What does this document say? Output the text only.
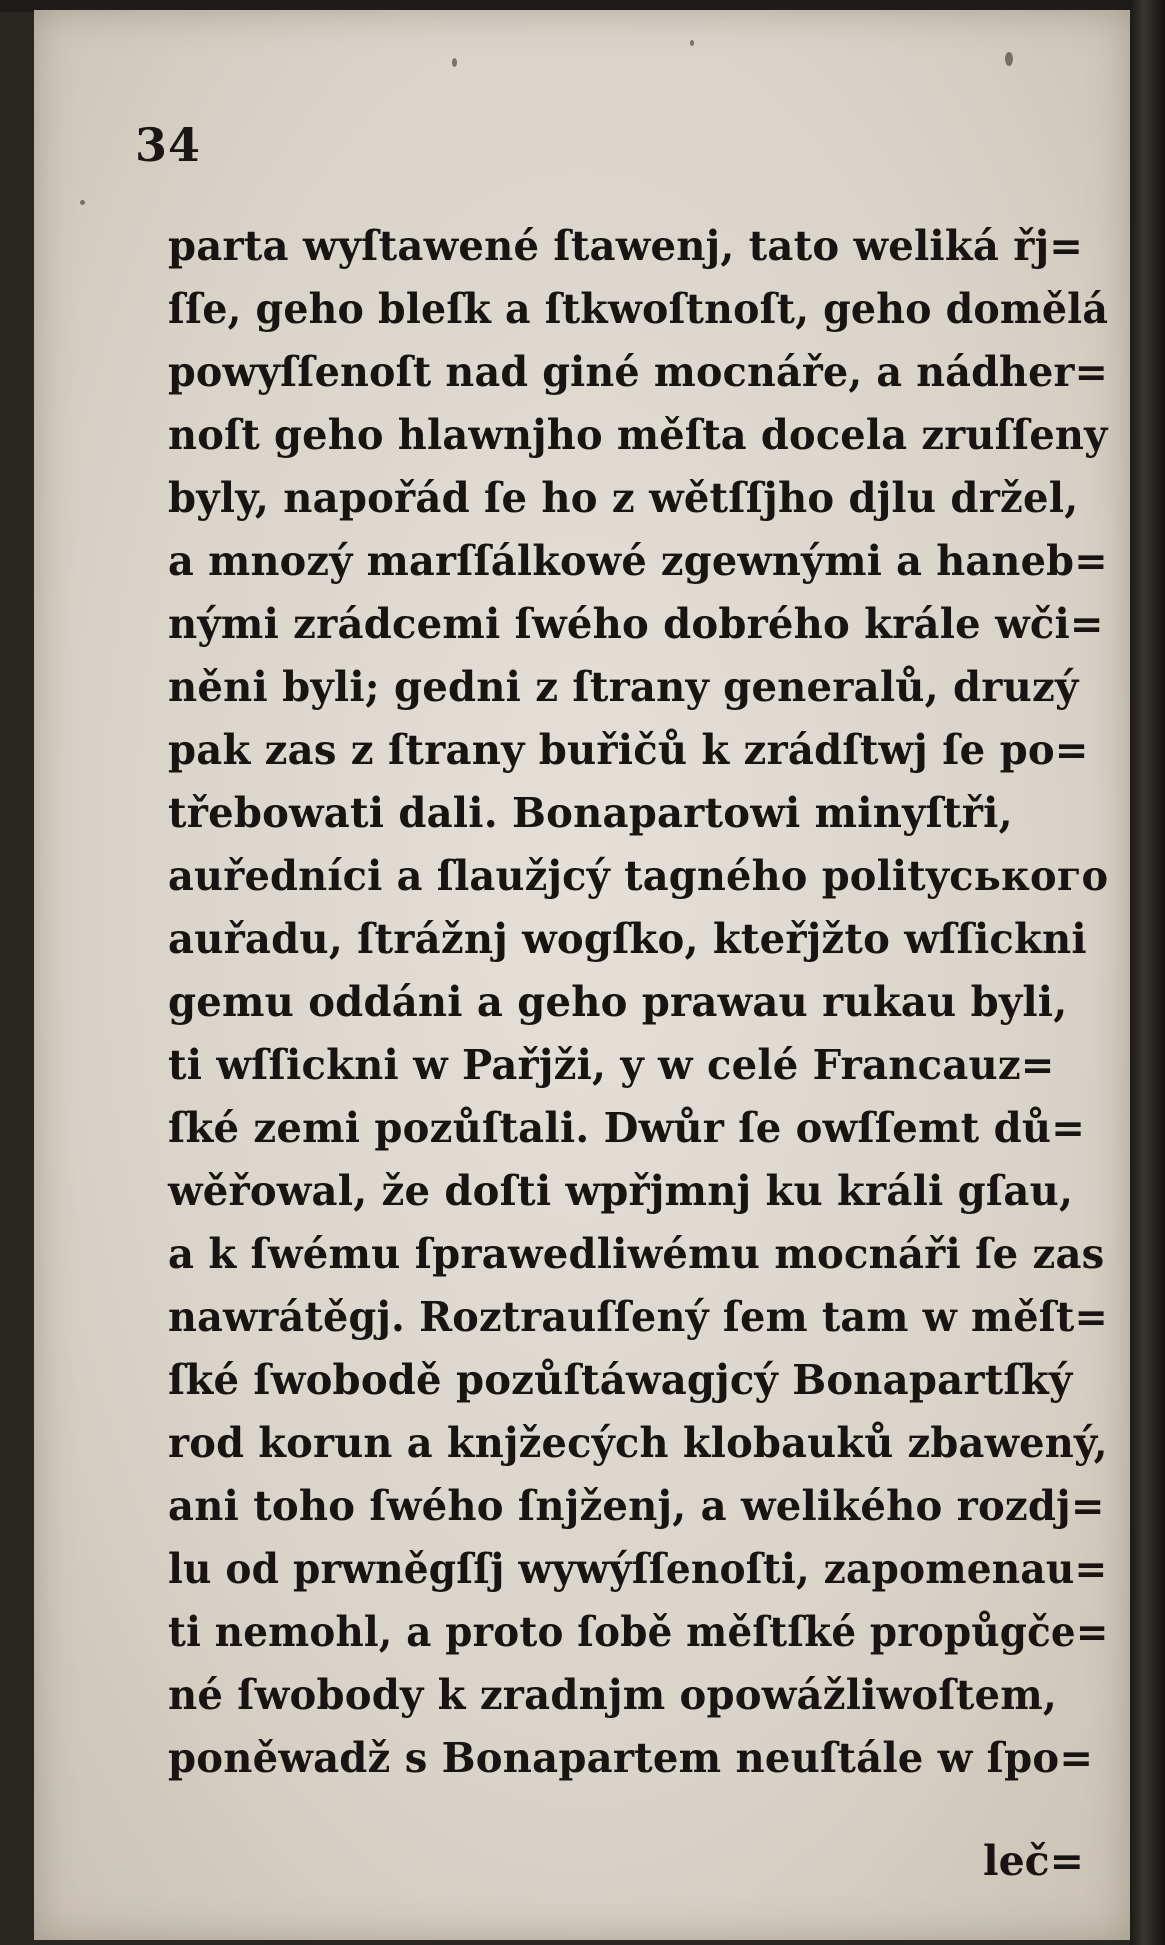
34
parta wyſtawené ſtawenj, tato weliká řj=
ſſe, geho bleſk a ſtkwoſtnoſt, geho domělá
powyſſenoſt nad giné mocnáře, a nádher=
noſt geho hlawnjho měſta docela zruſſeny
byly, napořád ſe ho z wětſſjho djlu držel,
a mnozý marſſálkowé zgewnými a haneb=
nými zrádcemi ſwého dobrého krále wči=
něni byli; gedni z ſtrany generalů, druzý
pak zas z ſtrany buřičů k zrádſtwj ſe po=
třebowati dali. Bonapartowi minyſtři,
auředníci a ſlaužjcý tagného politycького
auřadu, ſtrážnj wogſko, kteřjžto wſſickni
gemu oddáni a geho prawau rukau byli,
ti wſſickni w Pařjži, y w celé Francauz=
ſké zemi pozůſtali. Dwůr ſe owſſemt dů=
wěřowal, že doſti wpřjmnj ku králi gſau,
a k ſwému ſprawedliwému mocnáři ſe zas
nawrátěgj. Roztrauſſený ſem tam w měſt=
ſké ſwobodě pozůſtáwagjcý Bonapartſký
rod korun a knjžecých klobauků zbawený,
ani toho ſwého ſnjženj, a welikého rozdj=
lu od prwněgſſj wywýſſenoſti, zapomenau=
ti nemohl, a proto ſobě měſtſké propůgče=
né ſwobody k zradnjm opowážliwoſtem,
poněwadž s Bonapartem neuſtále w ſpo=
leč=
